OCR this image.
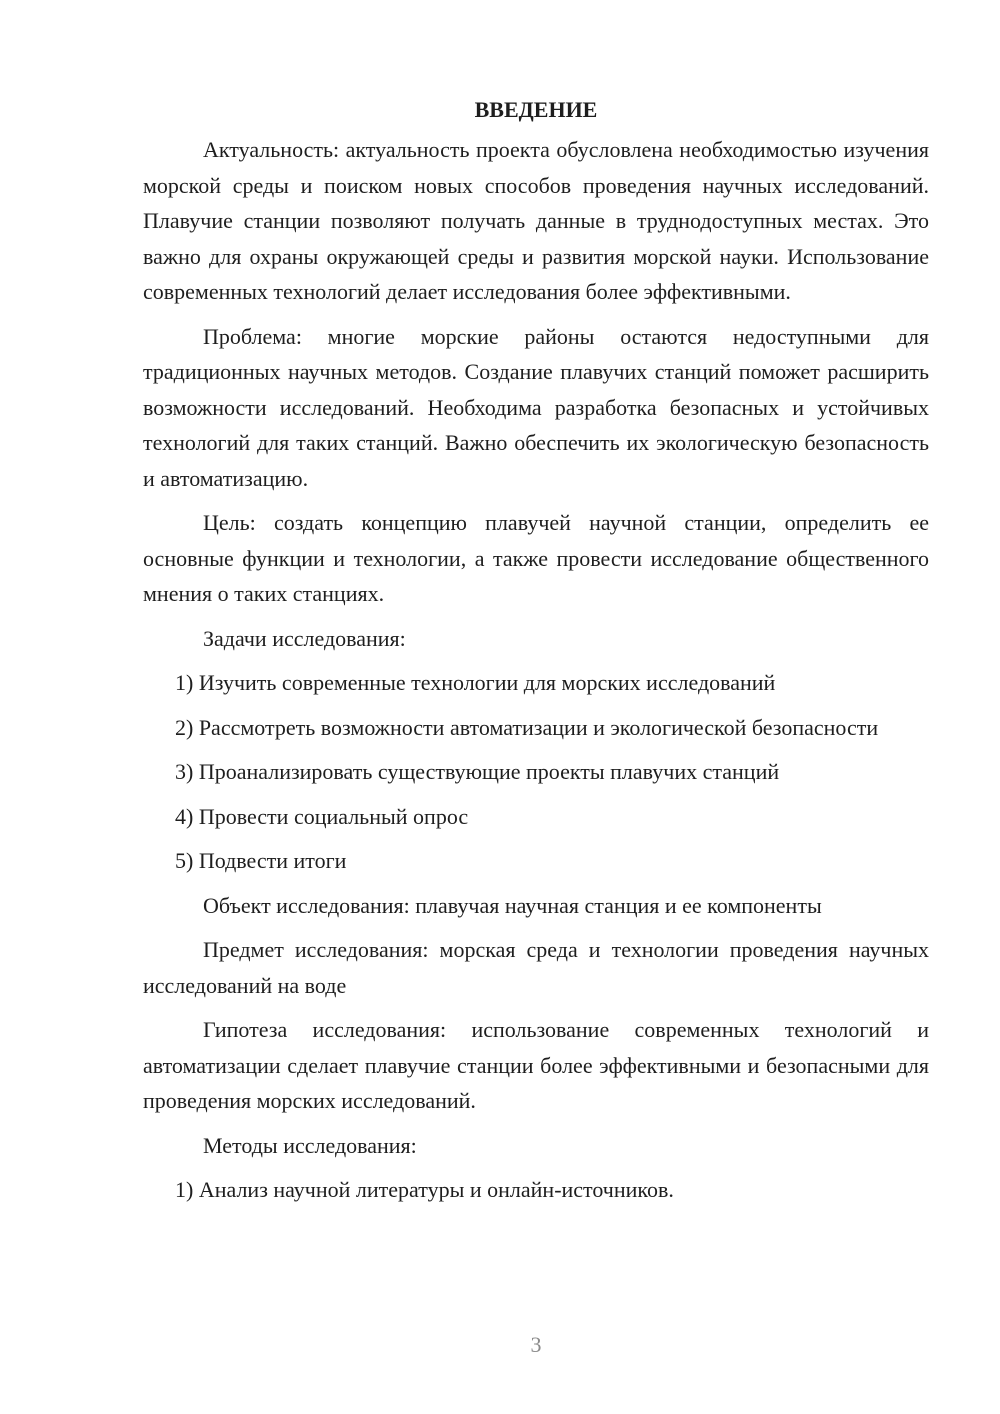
ВВЕДЕНИЕ

Актуальность: актуальность проекта обусловлена необходимостью изучения морской среды и поиском новых способов проведения научных исследований. Плавучие станции позволяют получать данные в труднодоступных местах. Это важно для охраны окружающей среды и развития морской науки. Использование современных технологий делает исследования более эффективными.

Проблема: многие морские районы остаются недоступными для традиционных научных методов. Создание плавучих станций поможет расширить возможности исследований. Необходима разработка безопасных и устойчивых технологий для таких станций. Важно обеспечить их экологическую безопасность и автоматизацию.

Цель: создать концепцию плавучей научной станции, определить ее основные функции и технологии, а также провести исследование общественного мнения о таких станциях.

Задачи исследования:

1) Изучить современные технологии для морских исследований

2) Рассмотреть возможности автоматизации и экологической безопасности

3) Проанализировать существующие проекты плавучих станций

4) Провести социальный опрос

5) Подвести итоги

Объект исследования: плавучая научная станция и ее компоненты

Предмет исследования: морская среда и технологии проведения научных исследований на воде

Гипотеза исследования: использование современных технологий и автоматизации сделает плавучие станции более эффективными и безопасными для проведения морских исследований.

Методы исследования:

1) Анализ научной литературы и онлайн-источников.

3
